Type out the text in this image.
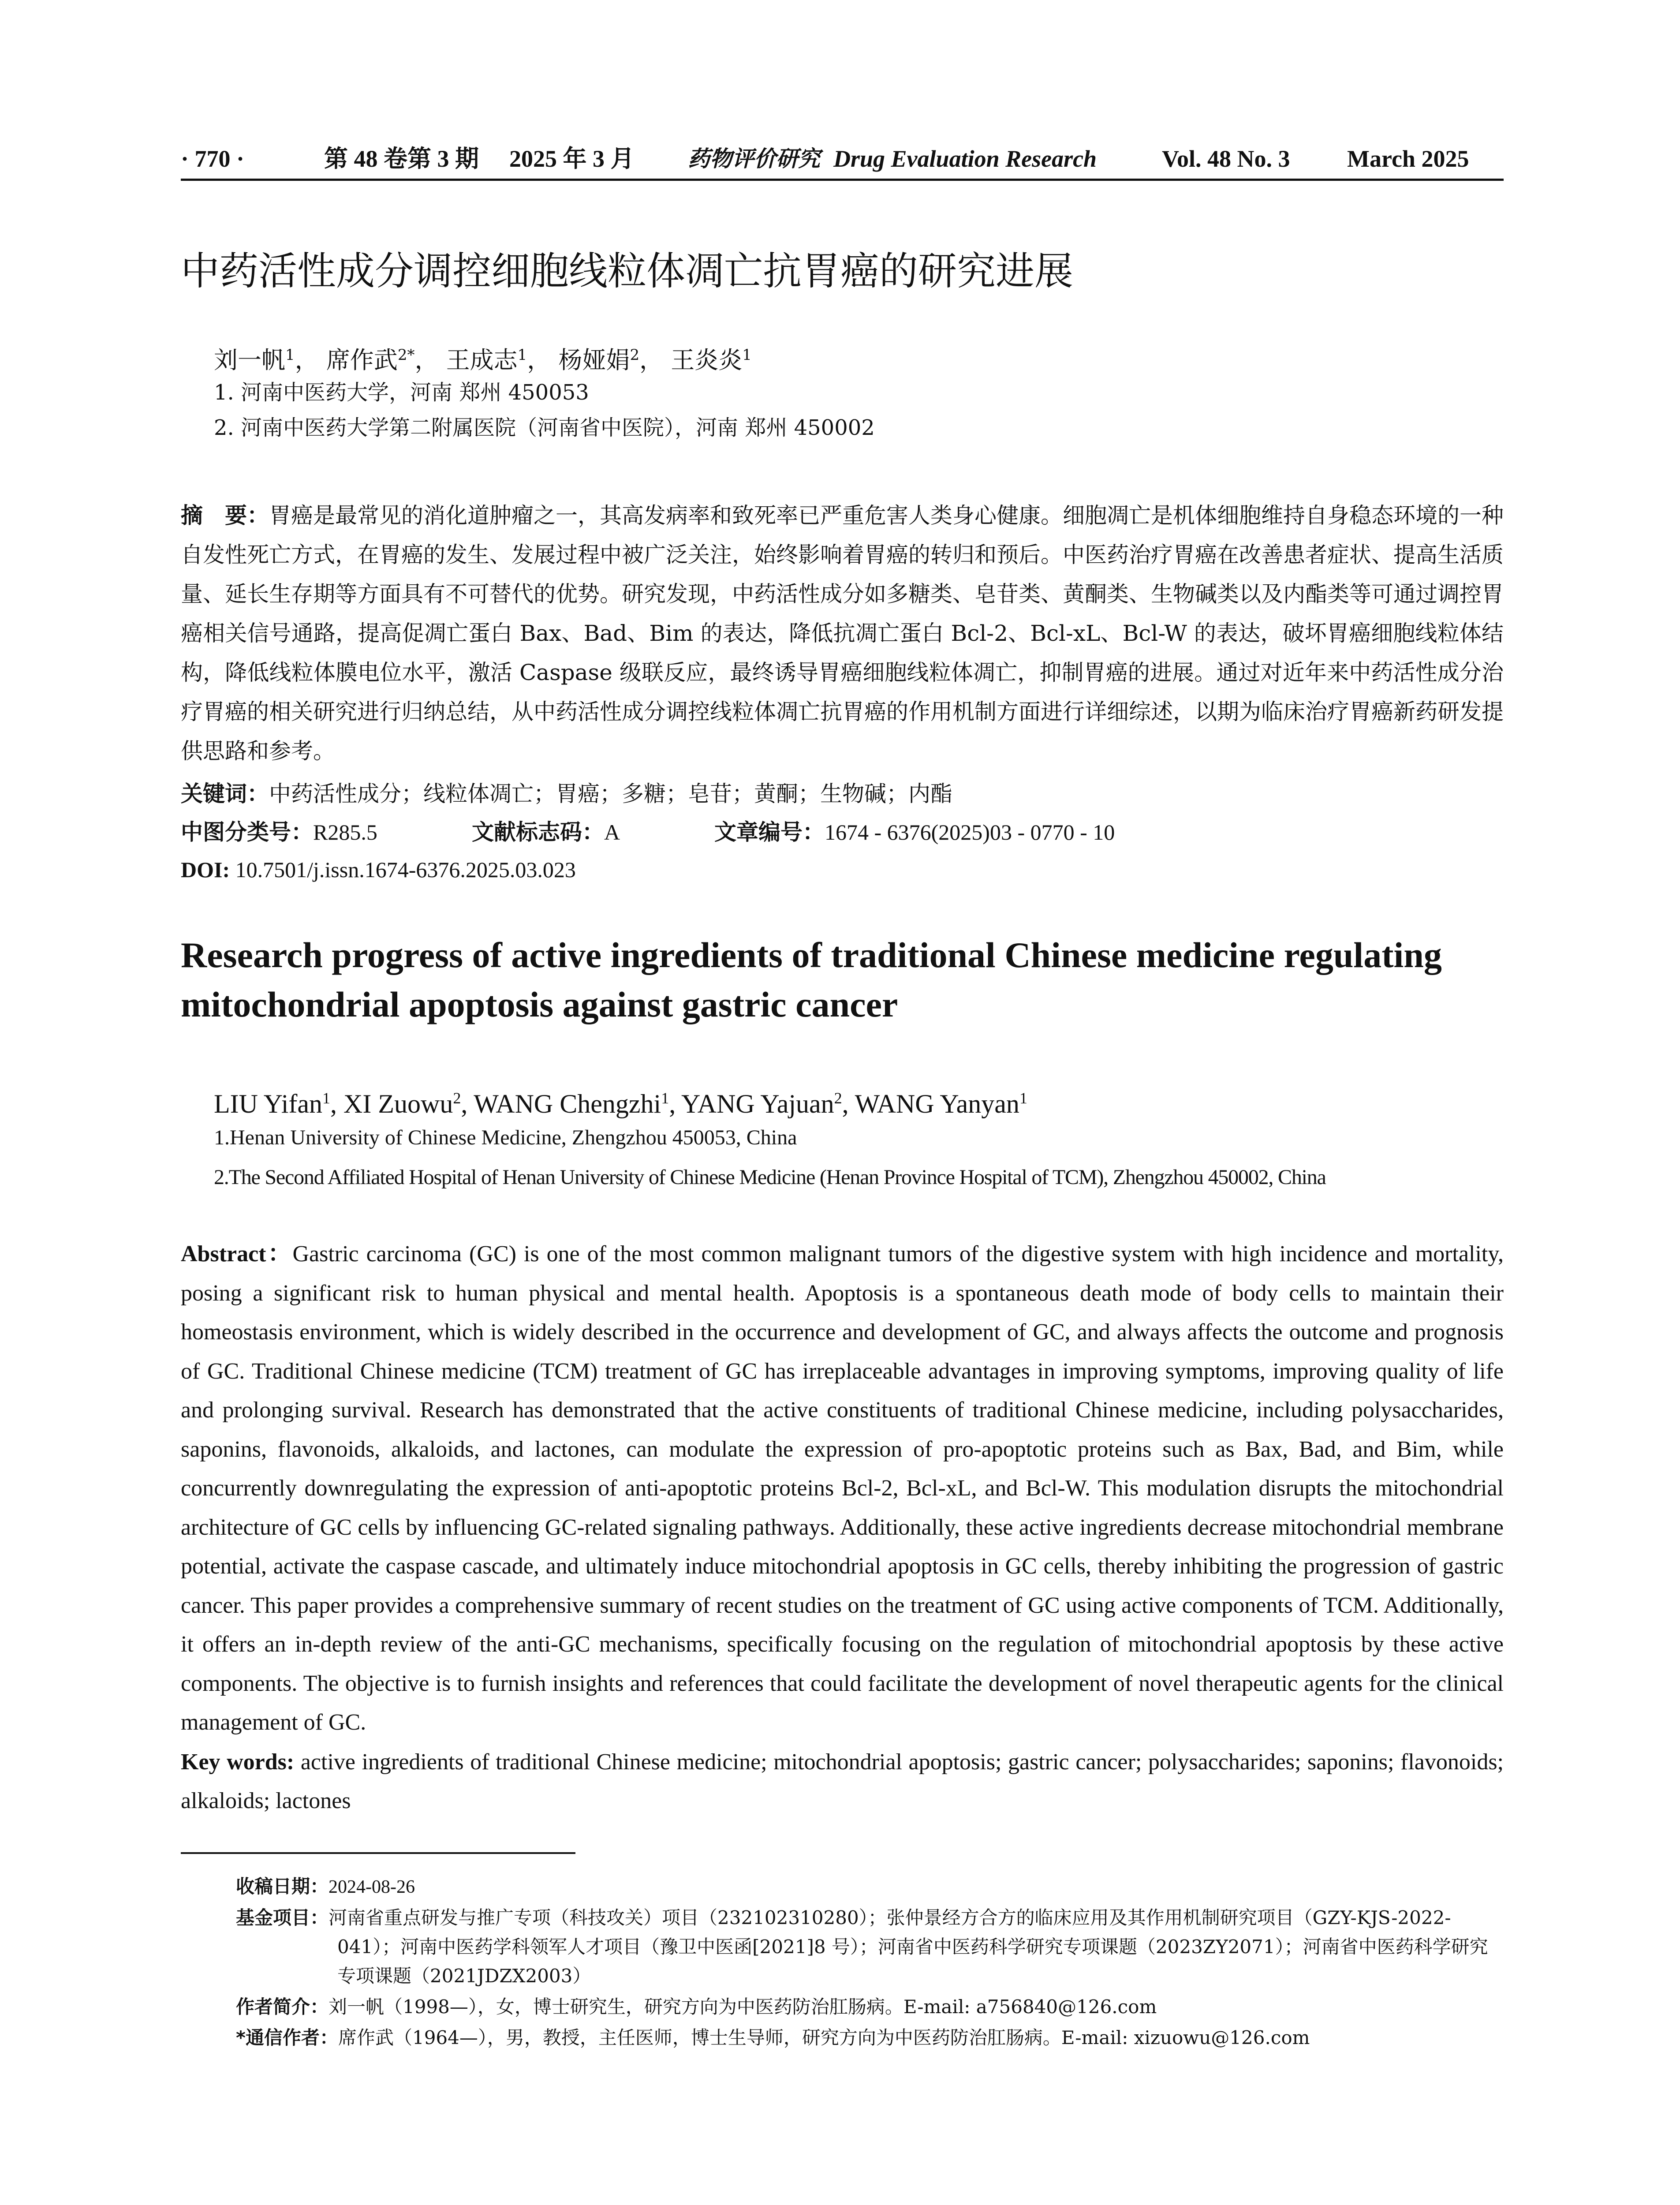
· 770 ·	第 48 卷第 3 期 2025 年 3 月 药物评价研究 Drug Evaluation Research	Vol. 48 No. 3 March 2025
中药活性成分调控细胞线粒体凋亡抗胃癌的研究进展
刘一帆$^1$， 席作武$^{2*}$， 王成志$^1$， 杨娅娟$^2$， 王炎炎$^1$
1. 河南中医药大学，河南 郑州 450053
2. 河南中医药大学第二附属医院（河南省中医院），河南 郑州 450002
摘　要：胃癌是最常见的消化道肿瘤之一，其高发病率和致死率已严重危害人类身心健康。细胞凋亡是机体细胞维持自身稳态环境的一种自发性死亡方式，在胃癌的发生、发展过程中被广泛关注，始终影响着胃癌的转归和预后。中医药治疗胃癌在改善患者症状、提高生活质量、延长生存期等方面具有不可替代的优势。研究发现，中药活性成分如多糖类、皂苷类、黄酮类、生物碱类以及内酯类等可通过调控胃癌相关信号通路，提高促凋亡蛋白 Bax、Bad、Bim 的表达，降低抗凋亡蛋白 Bcl-2、Bcl-xL、Bcl-W 的表达，破坏胃癌细胞线粒体结构，降低线粒体膜电位水平，激活 Caspase 级联反应，最终诱导胃癌细胞线粒体凋亡，抑制胃癌的进展。通过对近年来中药活性成分治疗胃癌的相关研究进行归纳总结，从中药活性成分调控线粒体凋亡抗胃癌的作用机制方面进行详细综述，以期为临床治疗胃癌新药研发提供思路和参考。
关键词：中药活性成分；线粒体凋亡；胃癌；多糖；皂苷；黄酮；生物碱；内酯
中图分类号：R285.5	文献标志码：A	文章编号：1674 - 6376(2025)03 - 0770 - 10
DOI: 10.7501/j.issn.1674-6376.2025.03.023
Research progress of active ingredients of traditional Chinese medicine regulating mitochondrial apoptosis against gastric cancer
LIU Yifan$^1$, XI Zuowu$^2$, WANG Chengzhi$^1$, YANG Yajuan$^2$, WANG Yanyan$^1$
1.Henan University of Chinese Medicine, Zhengzhou 450053, China
2.The Second Affiliated Hospital of Henan University of Chinese Medicine (Henan Province Hospital of TCM), Zhengzhou 450002, China
Abstract：Gastric carcinoma (GC) is one of the most common malignant tumors of the digestive system with high incidence and mortality, posing a significant risk to human physical and mental health. Apoptosis is a spontaneous death mode of body cells to maintain their homeostasis environment, which is widely described in the occurrence and development of GC, and always affects the outcome and prognosis of GC. Traditional Chinese medicine (TCM) treatment of GC has irreplaceable advantages in improving symptoms, improving quality of life and prolonging survival. Research has demonstrated that the active constituents of traditional Chinese medicine, including polysaccharides, saponins, flavonoids, alkaloids, and lactones, can modulate the expression of pro-apoptotic proteins such as Bax, Bad, and Bim, while concurrently downregulating the expression of anti-apoptotic proteins Bcl-2, Bcl-xL, and Bcl-W. This modulation disrupts the mitochondrial architecture of GC cells by influencing GC-related signaling pathways. Additionally, these active ingredients decrease mitochondrial membrane potential, activate the caspase cascade, and ultimately induce mitochondrial apoptosis in GC cells, thereby inhibiting the progression of gastric cancer. This paper provides a comprehensive summary of recent studies on the treatment of GC using active components of TCM. Additionally, it offers an in-depth review of the anti-GC mechanisms, specifically focusing on the regulation of mitochondrial apoptosis by these active components. The objective is to furnish insights and references that could facilitate the development of novel therapeutic agents for the clinical management of GC.
Key words: active ingredients of traditional Chinese medicine; mitochondrial apoptosis; gastric cancer; polysaccharides; saponins; flavonoids; alkaloids; lactones
收稿日期：2024-08-26
基金项目：河南省重点研发与推广专项（科技攻关）项目（232102310280）；张仲景经方合方的临床应用及其作用机制研究项目（GZY-KJS-2022-041）；河南中医药学科领军人才项目（豫卫中医函[2021]8 号）；河南省中医药科学研究专项课题（2023ZY2071）；河南省中医药科学研究专项课题（2021JDZX2003）
作者简介：刘一帆（1998—），女，博士研究生，研究方向为中医药防治肛肠病。E-mail: a756840@126.com
*通信作者：席作武（1964—），男，教授，主任医师，博士生导师，研究方向为中医药防治肛肠病。E-mail: xizuowu@126.com
